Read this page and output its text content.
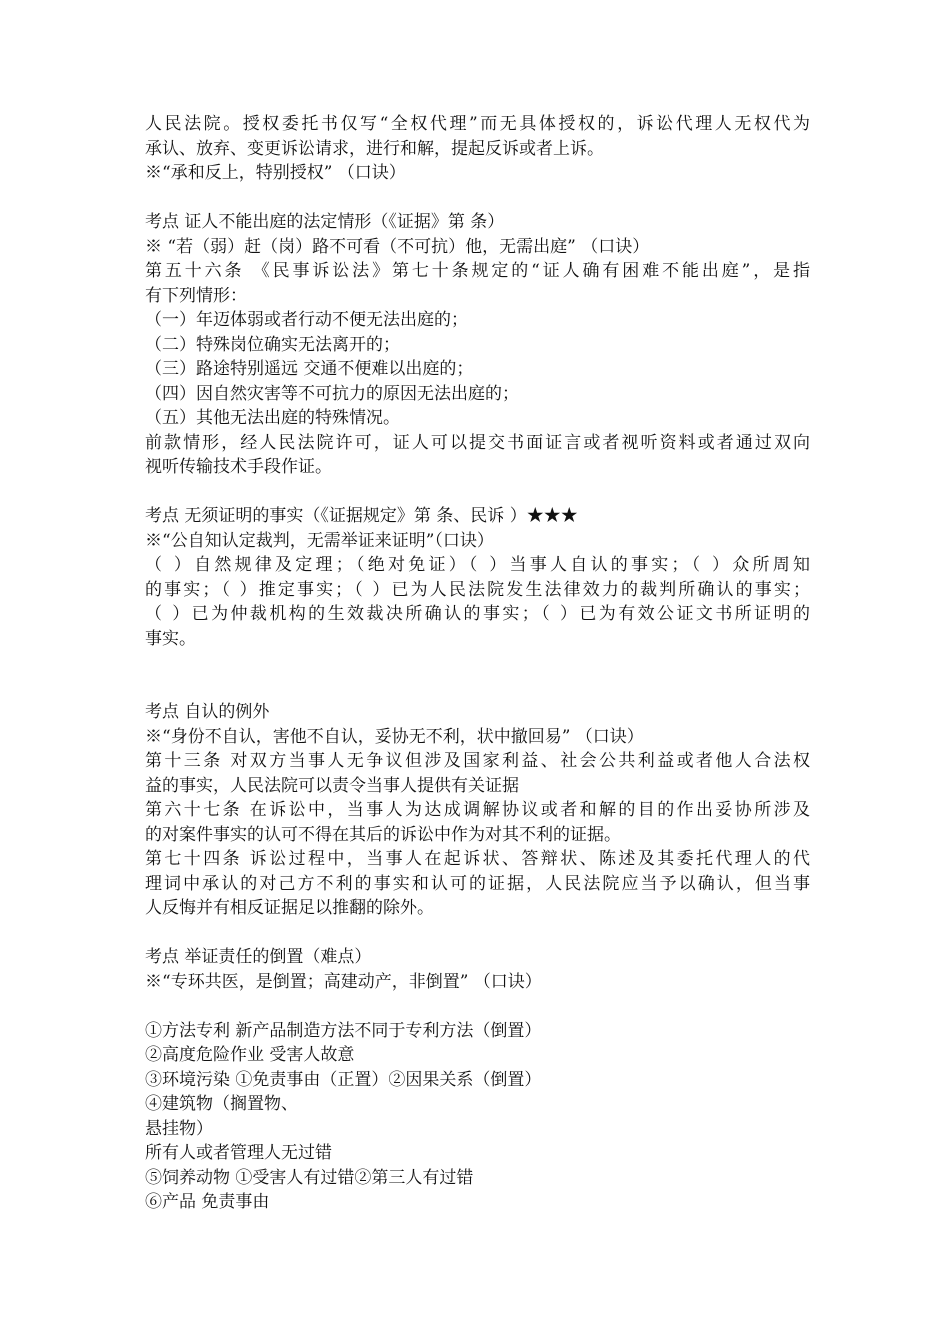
人民法院。授权委托书仅写“全权代理”而无具体授权的，诉讼代理人无权代为
承认、放弃、变更诉讼请求，进行和解，提起反诉或者上诉。
※“承和反上，特别授权” （口诀）
考点 证人不能出庭的法定情形（《证据》第 条）
※ “若（弱）赶（岗）路不可看（不可抗）他，无需出庭” （口诀）
第五十六条 《民事诉讼法》第七十条规定的“证人确有困难不能出庭”，是指
有下列情形：
（一）年迈体弱或者行动不便无法出庭的；
（二）特殊岗位确实无法离开的；
（三）路途特别遥远 交通不便难以出庭的；
（四）因自然灾害等不可抗力的原因无法出庭的；
（五）其他无法出庭的特殊情况。
前款情形，经人民法院许可，证人可以提交书面证言或者视听资料或者通过双向
视听传输技术手段作证。
考点 无须证明的事实（《证据规定》第 条、民诉 ）★★★
※“公自知认定裁判，无需举证来证明”（口诀）
（ ）自然规律及定理；（绝对免证）（ ）当事人自认的事实；（ ）众所周知
的事实；（ ）推定事实；（ ）已为人民法院发生法律效力的裁判所确认的事实；
（ ）已为仲裁机构的生效裁决所确认的事实；（ ）已为有效公证文书所证明的
事实。
考点 自认的例外
※“身份不自认，害他不自认，妥协无不利，状中撤回易” （口诀）
第十三条 对双方当事人无争议但涉及国家利益、社会公共利益或者他人合法权
益的事实，人民法院可以责令当事人提供有关证据
第六十七条 在诉讼中，当事人为达成调解协议或者和解的目的作出妥协所涉及
的对案件事实的认可不得在其后的诉讼中作为对其不利的证据。
第七十四条 诉讼过程中，当事人在起诉状、答辩状、陈述及其委托代理人的代
理词中承认的对己方不利的事实和认可的证据，人民法院应当予以确认，但当事
人反悔并有相反证据足以推翻的除外。
考点 举证责任的倒置（难点）
※“专环共医，是倒置；高建动产，非倒置” （口诀）
①方法专利 新产品制造方法不同于专利方法（倒置）
②高度危险作业 受害人故意
③环境污染 ①免责事由（正置）②因果关系（倒置）
④建筑物（搁置物、
悬挂物）
所有人或者管理人无过错
⑤饲养动物 ①受害人有过错②第三人有过错
⑥产品 免责事由
